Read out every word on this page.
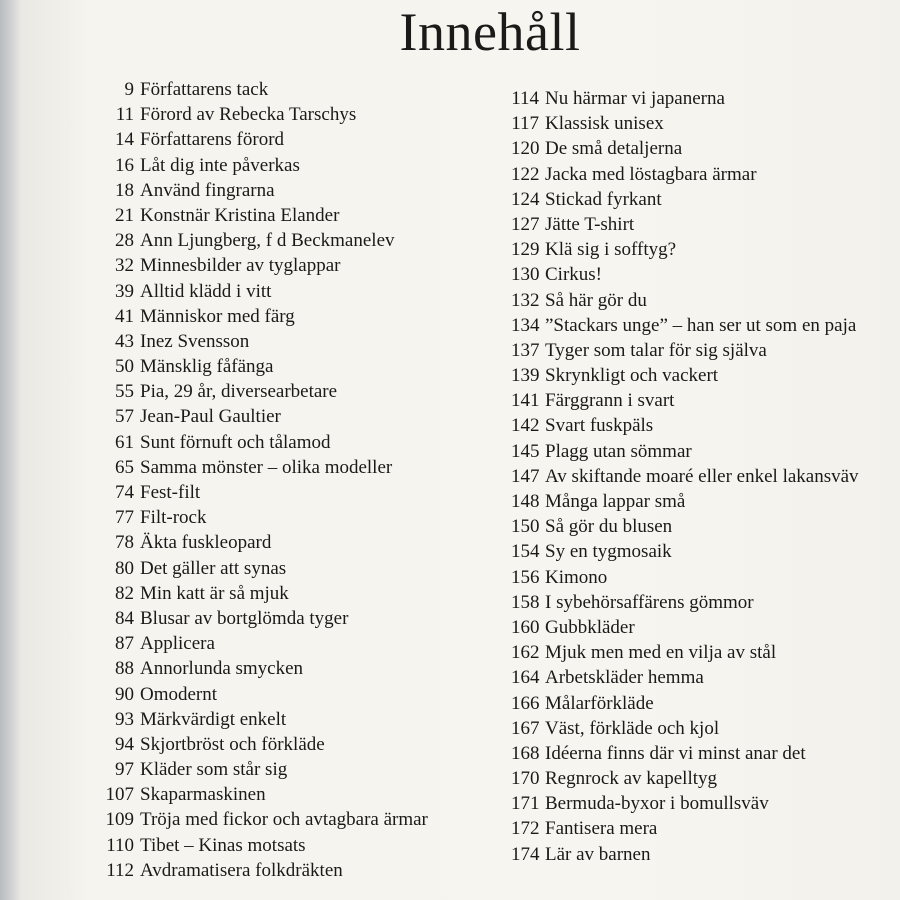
Innehåll
9 Författarens tack
11 Förord av Rebecka Tarschys
14 Författarens förord
16 Låt dig inte påverkas
18 Använd fingrarna
21 Konstnär Kristina Elander
28 Ann Ljungberg, f d Beckmanelev
32 Minnesbilder av tyglappar
39 Alltid klädd i vitt
41 Människor med färg
43 Inez Svensson
50 Mänsklig fåfänga
55 Pia, 29 år, diversearbetare
57 Jean-Paul Gaultier
61 Sunt förnuft och tålamod
65 Samma mönster – olika modeller
74 Fest-filt
77 Filt-rock
78 Äkta fuskleopard
80 Det gäller att synas
82 Min katt är så mjuk
84 Blusar av bortglömda tyger
87 Applicera
88 Annorlunda smycken
90 Omodernt
93 Märkvärdigt enkelt
94 Skjortbröst och förkläde
97 Kläder som står sig
107 Skaparmaskinen
109 Tröja med fickor och avtagbara ärmar
110 Tibet – Kinas motsats
112 Avdramatisera folkdräkten
114 Nu härmar vi japanerna
117 Klassisk unisex
120 De små detaljerna
122 Jacka med löstagbara ärmar
124 Stickad fyrkant
127 Jätte T-shirt
129 Klä sig i sofftyg?
130 Cirkus!
132 Så här gör du
134 ”Stackars unge” – han ser ut som en paja
137 Tyger som talar för sig själva
139 Skrynkligt och vackert
141 Färggrann i svart
142 Svart fuskpäls
145 Plagg utan sömmar
147 Av skiftande moaré eller enkel lakansväv
148 Många lappar små
150 Så gör du blusen
154 Sy en tygmosaik
156 Kimono
158 I sybehörsaffärens gömmor
160 Gubbkläder
162 Mjuk men med en vilja av stål
164 Arbetskläder hemma
166 Målarförkläde
167 Väst, förkläde och kjol
168 Idéerna finns där vi minst anar det
170 Regnrock av kapelltyg
171 Bermuda-byxor i bomullsväv
172 Fantisera mera
174 Lär av barnen
